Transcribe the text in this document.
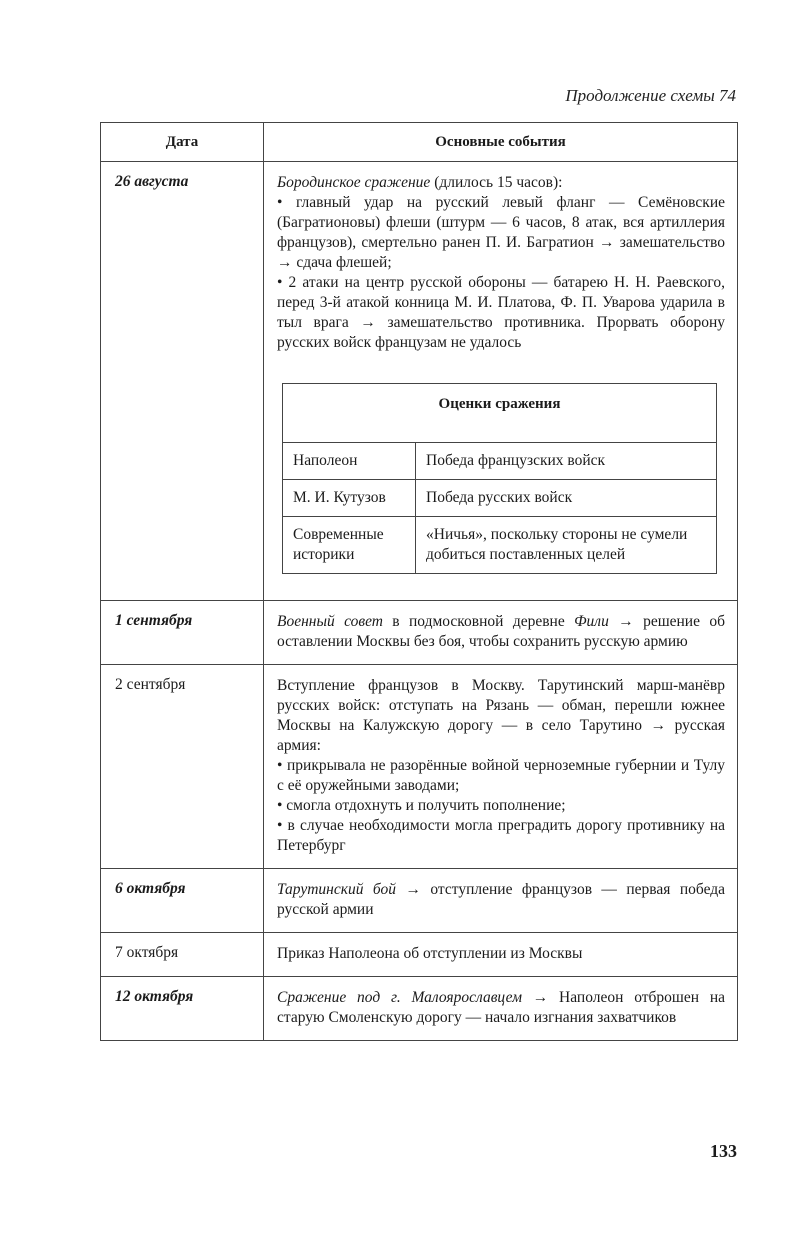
Продолжение схемы 74
Дата	Основные события
26 августа	Бородинское сражение (длилось 15 часов):

• главный удар на русский левый фланг — Семёновские (Багратионовы) флеши (штурм — 6 часов, 8 атак, вся артиллерия французов), смертельно ранен П. И. Багратион → замешательство → сдача флешей;

• 2 атаки на центр русской обороны — батарею Н. Н. Раевского, перед 3-й атакой конница М. И. Платова, Ф. П. Уварова ударила в тыл врага → замешательство противника. Прорвать оборону русских войск французам не удалось

Оценки сражения
Наполеон	Победа французских войск
М. И. Кутузов	Победа русских войск
Современные историки	«Ничья», поскольку стороны не сумели добиться поставленных целей

1 сентября	Военный совет в подмосковной деревне Фили → решение об оставлении Москвы без боя, чтобы сохранить русскую армию

2 сентября	Вступление французов в Москву. Тарутинский марш-манёвр русских войск: отступать на Рязань — обман, перешли южнее Москвы на Калужскую дорогу — в село Тарутино → русская армия:

• прикрывала не разорённые войной черноземные губернии и Тулу с её оружейными заводами;

• смогла отдохнуть и получить пополнение;

• в случае необходимости могла преградить дорогу противнику на Петербург

6 октября	Тарутинский бой → отступление французов — первая победа русской армии

7 октября	Приказ Наполеона об отступлении из Москвы

12 октября	Сражение под г. Малоярославцем → Наполеон отброшен на старую Смоленскую дорогу — начало изгнания захватчиков

133
